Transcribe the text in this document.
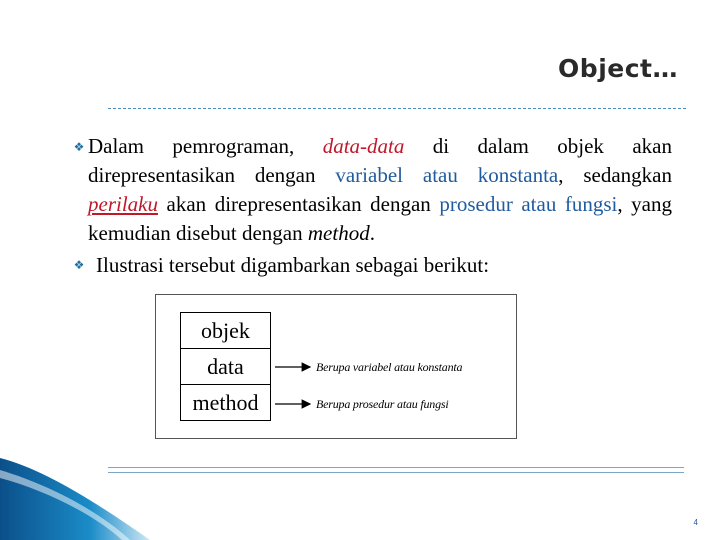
Object…
❖ Dalam pemrograman, data-data di dalam objek akan direpresentasikan dengan variabel atau konstanta, sedangkan perilaku akan direpresentasikan dengan prosedur atau fungsi, yang kemudian disebut dengan method.
❖ Ilustrasi tersebut digambarkan sebagai berikut:
objek
data
method
Berupa variabel atau konstanta
Berupa prosedur atau fungsi
4
